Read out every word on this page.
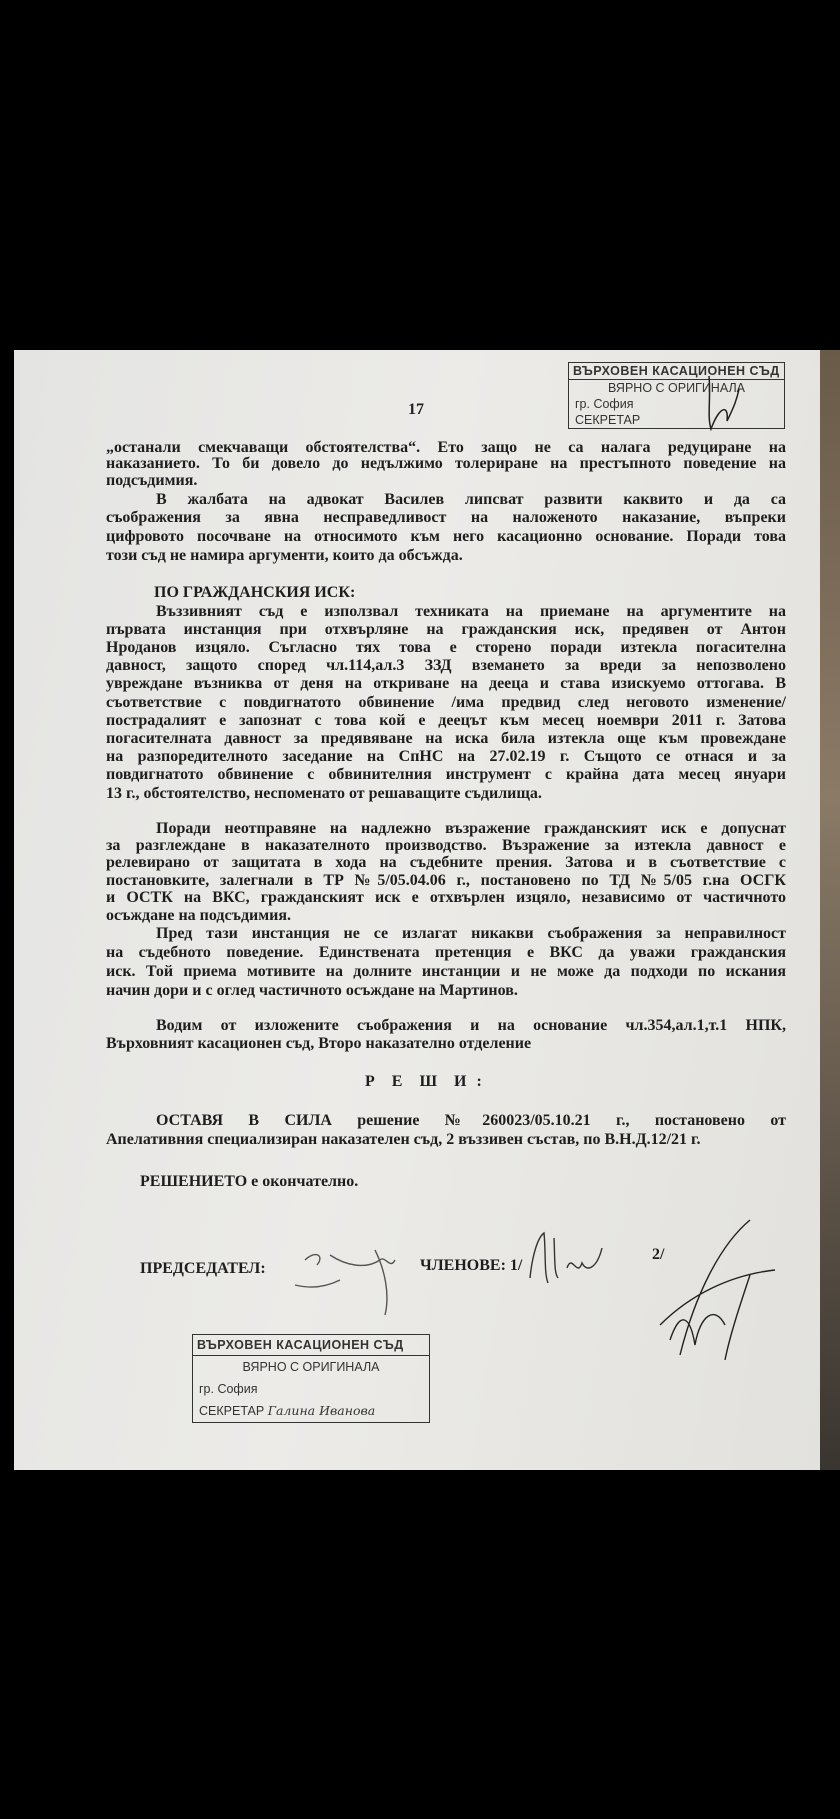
17
ВЪРХОВЕН КАСАЦИОНЕН СЪД
ВЯРНО С ОРИГИНАЛА
гр. София
СЕКРЕТАР
„останали смекчаващи обстоятелства“. Ето защо не са налага редуциране на
наказанието. То би довело до недължимо толериране на престъпното поведение на
подсъдимия.
В жалбата на адвокат Василев липсват развити каквито и да са
съображения за явна несправедливост на наложеното наказание, въпреки
цифровото посочване на относимото към него касационно основание. Поради това
този съд не намира аргументи, които да обсъжда.
Въззивният съд е използвал техниката на приемане на аргументите на
първата инстанция при отхвърляне на гражданския иск, предявен от Антон
Нроданов изцяло. Съгласно тях това е сторено поради изтекла погасителна
давност, защото според чл.114,ал.3 ЗЗД вземането за вреди за непозволено
увреждане възниква от деня на откриване на дееца и става изискуемо оттогава. В
съответствие с повдигнатото обвинение /има предвид след неговото изменение/
пострадалият е запознат с това кой е деецът към месец ноември 2011 г. Затова
погасителната давност за предявяване на иска била изтекла още към провеждане
на разпоредителното заседание на СпНС на 27.02.19 г. Същото се отнася и за
повдигнатото обвинение с обвинителния инструмент с крайна дата месец януари
13 г., обстоятелство, неспоменато от решаващите съдилища.
Поради неотправяне на надлежно възражение гражданският иск е допуснат
за разглеждане в наказателното производство. Възражение за изтекла давност е
релевирано от защитата в хода на съдебните прения. Затова и в съответствие с
постановките, залегнали в ТР №5/05.04.06 г., постановено по ТД №5/05 г.на ОСГК
и ОСТК на ВКС, гражданският иск е отхвърлен изцяло, независимо от частичното
осъждане на подсъдимия.
Пред тази инстанция не се излагат никакви съображения за неправилност
на съдебното поведение. Единствената претенция е ВКС да уважи гражданския
иск. Той приема мотивите на долните инстанции и не може да подходи по искания
начин дори и с оглед частичното осъждане на Мартинов.
Водим от изложените съображения и на основание чл.354,ал.1,т.1 НПК,
Върховният касационен съд, Второ наказателно отделение
ОСТАВЯ В СИЛА решение №260023/05.10.21 г., постановено от
Апелативния специализиран наказателен съд, 2 въззивен състав, по В.Н.Д.12/21 г.
ПО ГРАЖДАНСКИЯ ИСК:
Р  Е  Ш  И :
РЕШЕНИЕТО е окончателно.
ПРЕДСЕДАТЕЛ:	ЧЛЕНОВЕ: 1/
2/
ВЪРХОВЕН КАСАЦИОНЕН СЪД
ВЯРНО С ОРИГИНАЛА
гр. София
СЕКРЕТАР Галина Иванова
